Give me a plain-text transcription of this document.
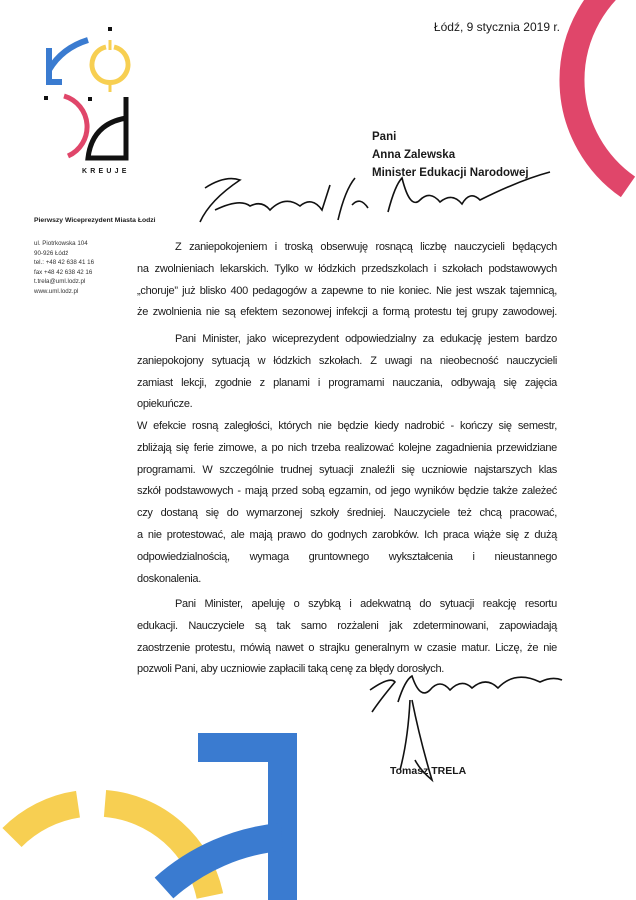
KREUJE
Pierwszy Wiceprezydent Miasta Łodzi
ul. Piotrkowska 104
90-926 Łódź
tel.: +48 42 638 41 16
fax +48 42 638 42 16
t.trela@uml.lodz.pl
www.uml.lodz.pl
Łódź, 9 stycznia 2019 r.
Pani
Anna Zalewska
Minister Edukacji Narodowej
Z zaniepokojeniem i troską obserwuję rosnącą liczbę nauczycieli będących
na zwolnieniach lekarskich. Tylko w łódzkich przedszkolach i szkołach podstawowych
„choruje” już blisko 400 pedagogów a zapewne to nie koniec. Nie jest wszak tajemnicą,
że zwolnienia nie są efektem sezonowej infekcji a formą protestu tej grupy zawodowej.
Pani Minister, jako wiceprezydent odpowiedzialny za edukację jestem bardzo
zaniepokojony sytuacją w łódzkich szkołach. Z uwagi na nieobecność nauczycieli
zamiast lekcji, zgodnie z planami i programami nauczania, odbywają się zajęcia
opiekuńcze.
W efekcie rosną zaległości, których nie będzie kiedy nadrobić - kończy się semestr,
zbliżają się ferie zimowe, a po nich trzeba realizować kolejne zagadnienia przewidziane
programami. W szczególnie trudnej sytuacji znaleźli się uczniowie najstarszych klas
szkół podstawowych - mają przed sobą egzamin, od jego wyników będzie także zależeć
czy dostaną się do wymarzonej szkoły średniej. Nauczyciele też chcą pracować,
a nie protestować, ale mają prawo do godnych zarobków. Ich praca wiąże się z dużą
odpowiedzialnością, wymaga gruntownego wykształcenia i nieustannego
doskonalenia.
Pani Minister, apeluję o szybką i adekwatną do sytuacji reakcję resortu
edukacji. Nauczyciele są tak samo rozżaleni jak zdeterminowani, zapowiadają
zaostrzenie protestu, mówią nawet o strajku generalnym w czasie matur. Liczę, że nie
pozwoli Pani, aby uczniowie zapłacili taką cenę za błędy dorosłych.
Tomasz TRELA
